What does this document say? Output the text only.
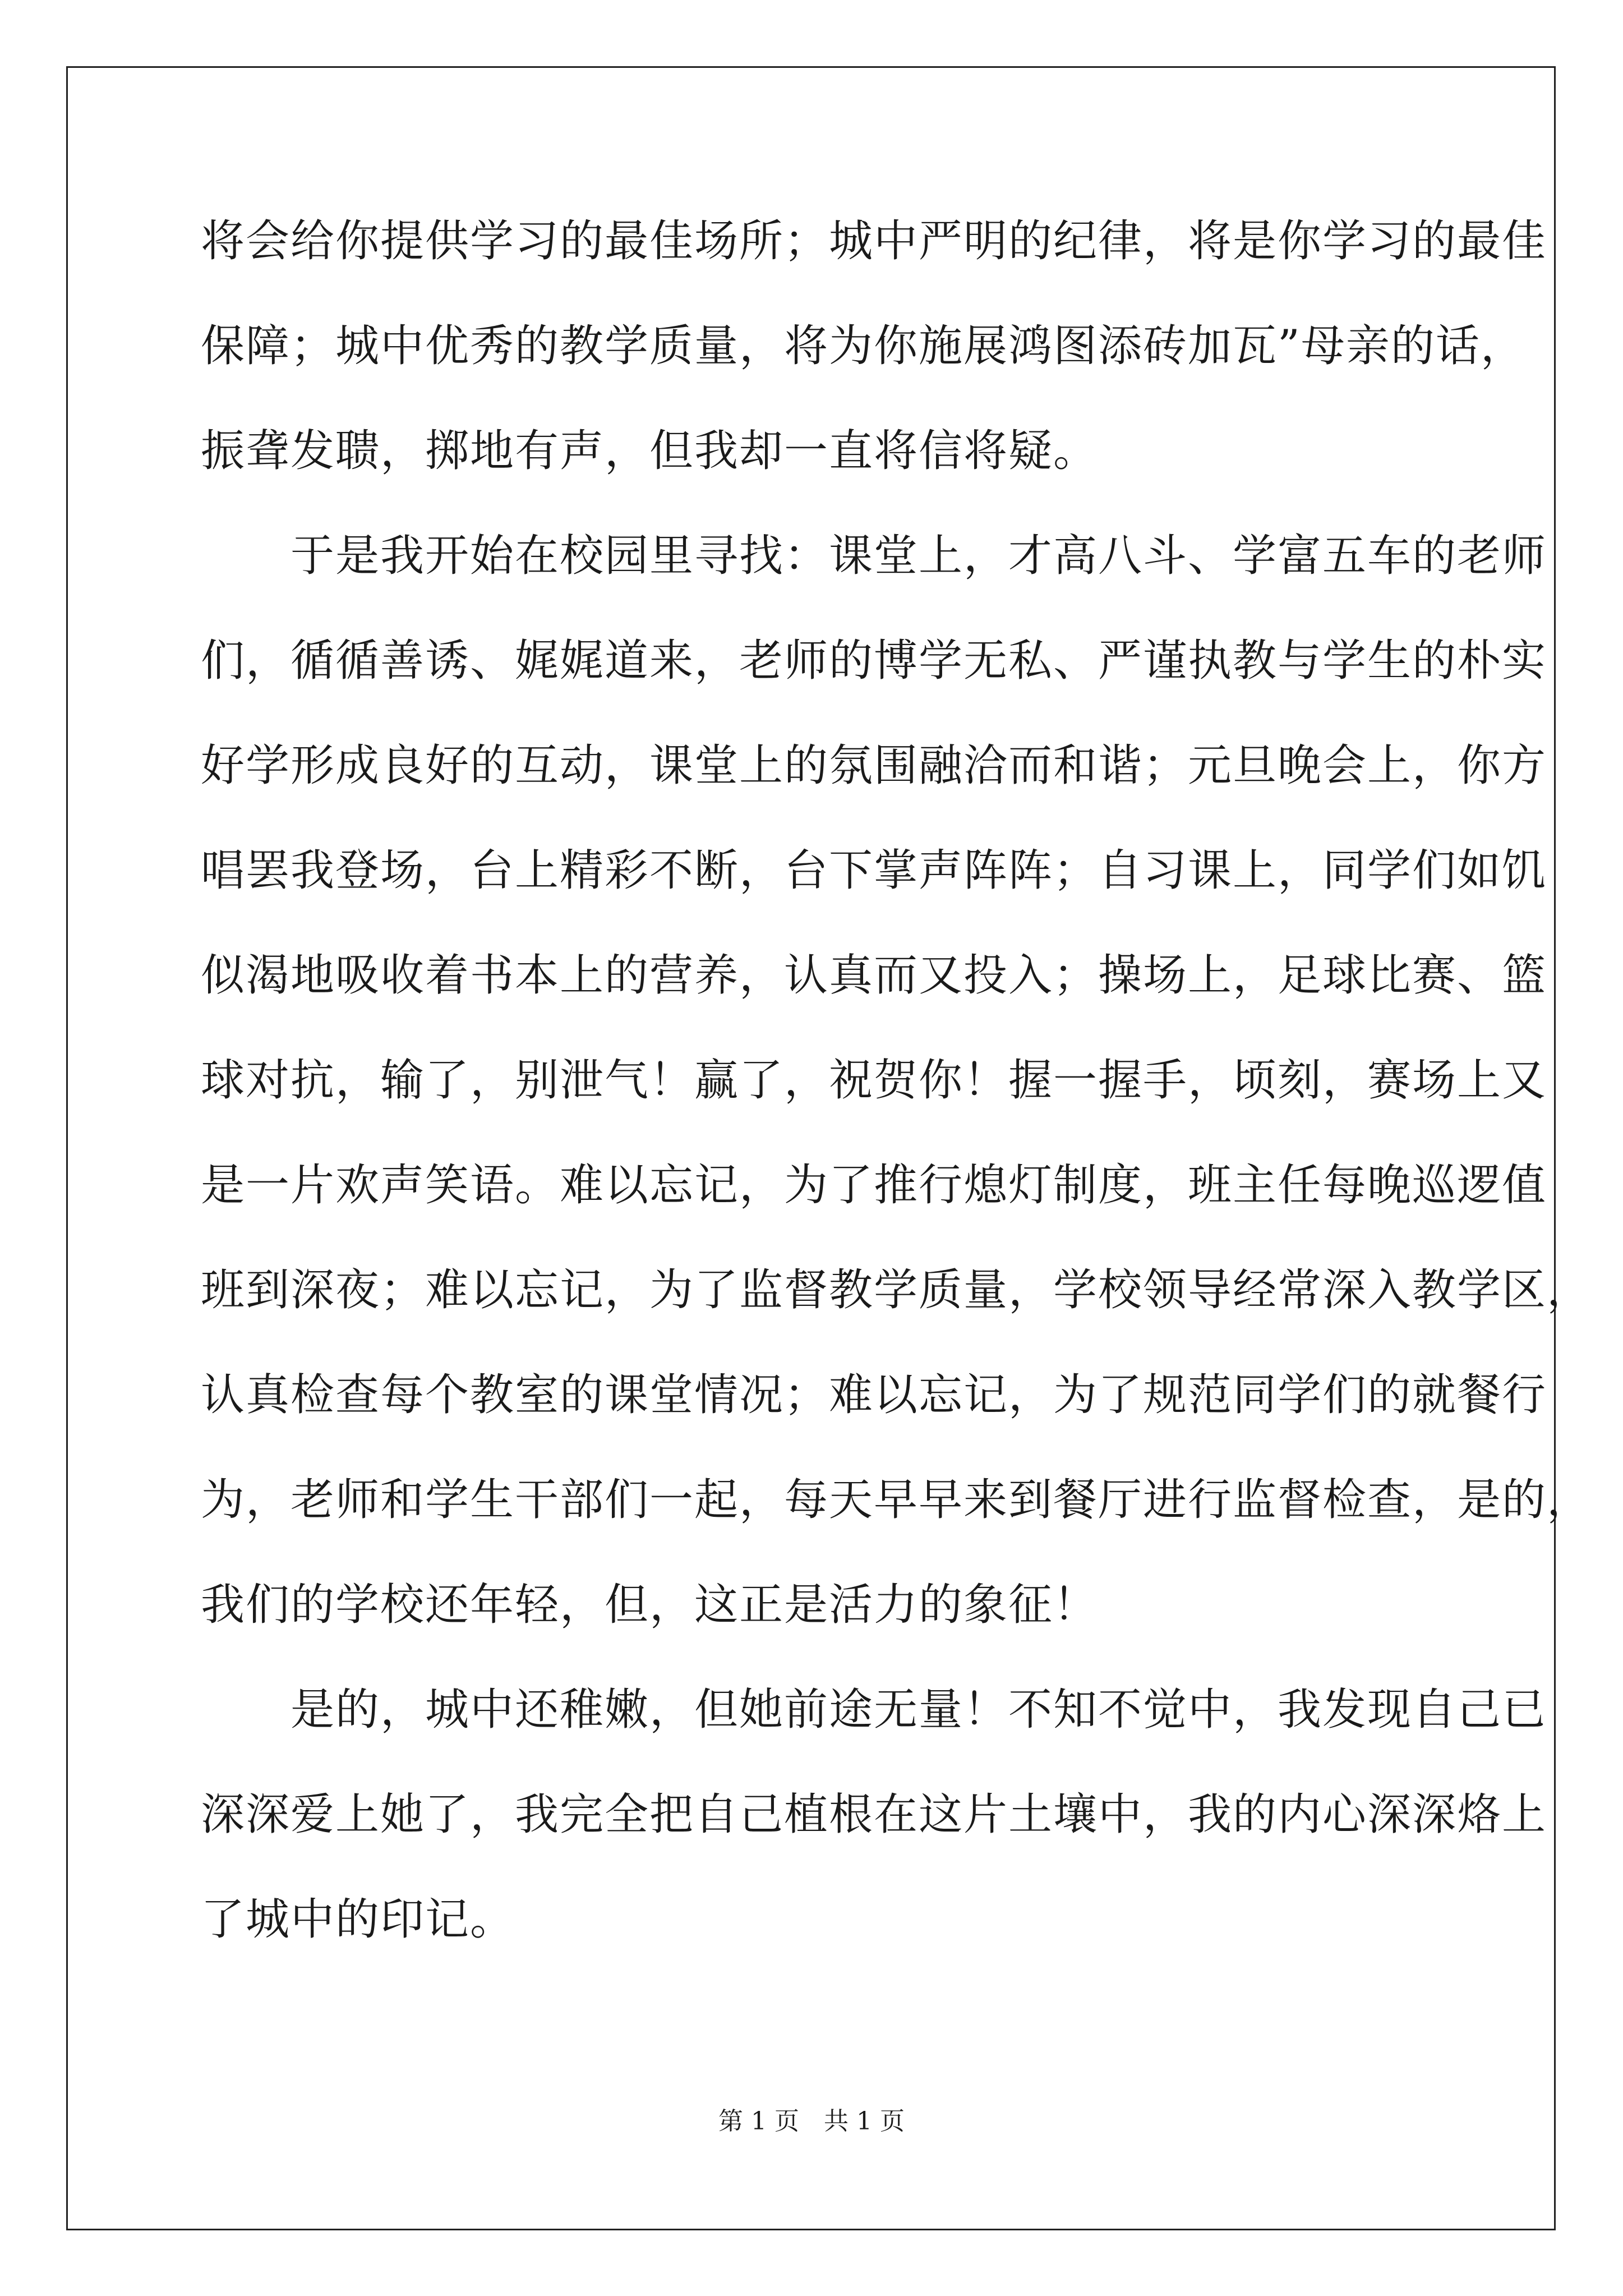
将会给你提供学习的最佳场所；城中严明的纪律，将是你学习的最佳
保障；城中优秀的教学质量，将为你施展鸿图添砖加瓦”母亲的话，
振聋发聩，掷地有声，但我却一直将信将疑。
　　于是我开始在校园里寻找：课堂上，才高八斗、学富五车的老师
们，循循善诱、娓娓道来，老师的博学无私、严谨执教与学生的朴实
好学形成良好的互动，课堂上的氛围融洽而和谐；元旦晚会上，你方
唱罢我登场，台上精彩不断，台下掌声阵阵；自习课上，同学们如饥
似渴地吸收着书本上的营养，认真而又投入；操场上，足球比赛、篮
球对抗，输了，别泄气！赢了，祝贺你！握一握手，顷刻，赛场上又
是一片欢声笑语。难以忘记，为了推行熄灯制度，班主任每晚巡逻值
班到深夜；难以忘记，为了监督教学质量，学校领导经常深入教学区，
认真检查每个教室的课堂情况；难以忘记，为了规范同学们的就餐行
为，老师和学生干部们一起，每天早早来到餐厅进行监督检查，是的，
我们的学校还年轻，但，这正是活力的象征！
　　是的，城中还稚嫩，但她前途无量！不知不觉中，我发现自己已
深深爱上她了，我完全把自己植根在这片土壤中，我的内心深深烙上
了城中的印记。
第 1 页　共 1 页
